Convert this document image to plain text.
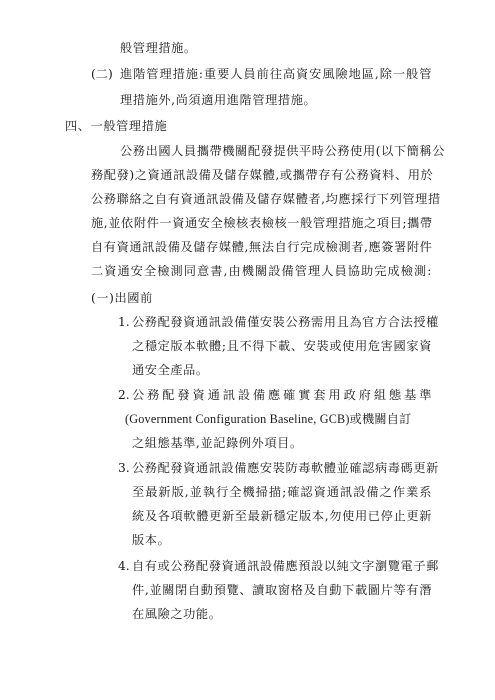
般管理措施。
(二) 進階管理措施:重要人員前往高資安風險地區,除一般管
理措施外,尚須適用進階管理措施。
四、一般管理措施
公務出國人員攜帶機關配發提供平時公務使用(以下簡稱公
務配發)之資通訊設備及儲存媒體,或攜帶存有公務資料、用於
公務聯絡之自有資通訊設備及儲存媒體者,均應採行下列管理措
施,並依附件一資通安全檢核表檢核一般管理措施之項目;攜帶
自有資通訊設備及儲存媒體,無法自行完成檢測者,應簽署附件
二資通安全檢測同意書,由機關設備管理人員協助完成檢測:
(一)出國前
1. 公務配發資通訊設備僅安裝公務需用且為官方合法授權
之穩定版本軟體;且不得下載、安裝或使用危害國家資
通安全產品。
2. 公務配發資通訊設備應確實套用政府組態基準
(Government Configuration Baseline, GCB)或機關自訂
之組態基準,並記錄例外項目。
3. 公務配發資通訊設備應安裝防毒軟體並確認病毒碼更新
至最新版,並執行全機掃描;確認資通訊設備之作業系
統及各項軟體更新至最新穩定版本,勿使用已停止更新
版本。
4. 自有或公務配發資通訊設備應預設以純文字瀏覽電子郵
件,並關閉自動預覽、讀取窗格及自動下載圖片等有潛
在風險之功能。
